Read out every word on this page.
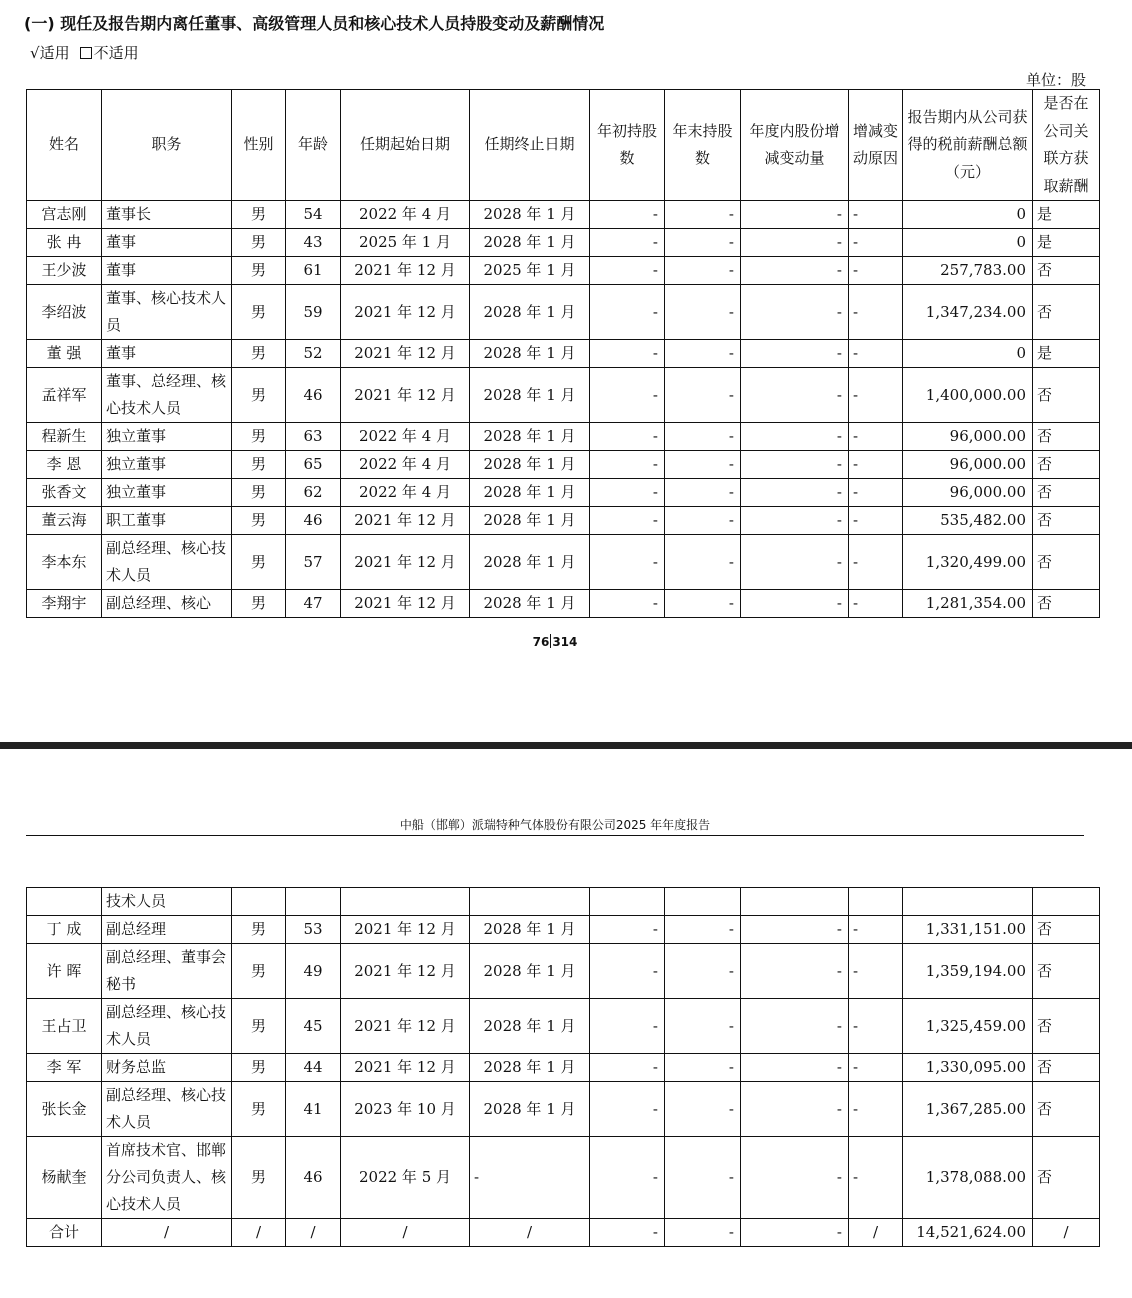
(一) 现任及报告期内离任董事、高级管理人员和核心技术人员持股变动及薪酬情况
√适用 不适用
单位：股
姓名	职务	性别	年龄	任期起始日期	任期终止日期	年初持股数	年末持股数	年度内股份增减变动量	增减变动原因	报告期内从公司获得的税前薪酬总额（元）	是否在公司关联方获取薪酬
宫志刚	董事长	男	54	2022 年 4 月	2028 年 1 月	-	-	-	-	0	是
张 冉	董事	男	43	2025 年 1 月	2028 年 1 月	-	-	-	-	0	是
王少波	董事	男	61	2021 年 12 月	2025 年 1 月	-	-	-	-	257,783.00	否
李绍波	董事、核心技术人员	男	59	2021 年 12 月	2028 年 1 月	-	-	-	-	1,347,234.00	否
董 强	董事	男	52	2021 年 12 月	2028 年 1 月	-	-	-	-	0	是
孟祥军	董事、总经理、核心技术人员	男	46	2021 年 12 月	2028 年 1 月	-	-	-	-	1,400,000.00	否
程新生	独立董事	男	63	2022 年 4 月	2028 年 1 月	-	-	-	-	96,000.00	否
李 恩	独立董事	男	65	2022 年 4 月	2028 年 1 月	-	-	-	-	96,000.00	否
张香文	独立董事	男	62	2022 年 4 月	2028 年 1 月	-	-	-	-	96,000.00	否
董云海	职工董事	男	46	2021 年 12 月	2028 年 1 月	-	-	-	-	535,482.00	否
李本东	副总经理、核心技术人员	男	57	2021 年 12 月	2028 年 1 月	-	-	-	-	1,320,499.00	否
李翔宇	副总经理、核心	男	47	2021 年 12 月	2028 年 1 月	-	-	-	-	1,281,354.00	否
76 314
中船（邯郸）派瑞特种气体股份有限公司2025 年年度报告
	技术人员										
丁 成	副总经理	男	53	2021 年 12 月	2028 年 1 月	-	-	-	-	1,331,151.00	否
许 晖	副总经理、董事会秘书	男	49	2021 年 12 月	2028 年 1 月	-	-	-	-	1,359,194.00	否
王占卫	副总经理、核心技术人员	男	45	2021 年 12 月	2028 年 1 月	-	-	-	-	1,325,459.00	否
李 军	财务总监	男	44	2021 年 12 月	2028 年 1 月	-	-	-	-	1,330,095.00	否
张长金	副总经理、核心技术人员	男	41	2023 年 10 月	2028 年 1 月	-	-	-	-	1,367,285.00	否
杨献奎	首席技术官、邯郸分公司负责人、核心技术人员	男	46	2022 年 5 月	-	-	-	-	-	1,378,088.00	否
合计	/	/	/	/	/	-	-	-	/	14,521,624.00	/
